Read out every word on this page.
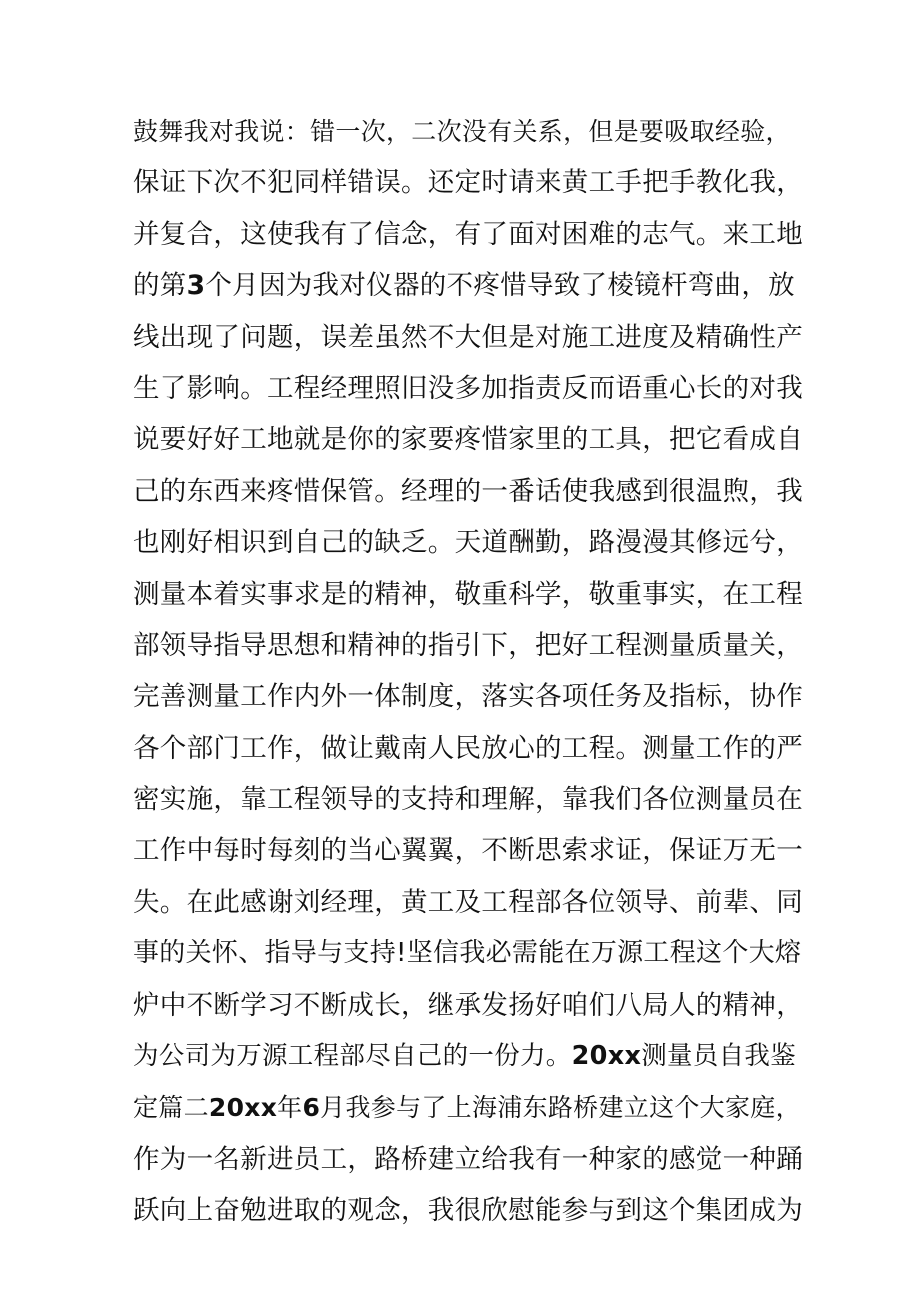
鼓舞我对我说：错一次，二次没有关系，但是要吸取经验，
保证下次不犯同样错误。还定时请来黄工手把手教化我，
并复合，这使我有了信念，有了面对困难的志气。来工地
的第3个月因为我对仪器的不疼惜导致了棱镜杆弯曲，放
线出现了问题，误差虽然不大但是对施工进度及精确性产
生了影响。工程经理照旧没多加指责反而语重心长的对我
说要好好工地就是你的家要疼惜家里的工具，把它看成自
己的东西来疼惜保管。经理的一番话使我感到很温煦，我
也刚好相识到自己的缺乏。天道酬勤，路漫漫其修远兮，
测量本着实事求是的精神，敬重科学，敬重事实，在工程
部领导指导思想和精神的指引下，把好工程测量质量关，
完善测量工作内外一体制度，落实各项任务及指标，协作
各个部门工作，做让戴南人民放心的工程。测量工作的严
密实施，靠工程领导的支持和理解，靠我们各位测量员在
工作中每时每刻的当心翼翼，不断思索求证，保证万无一
失。在此感谢刘经理，黄工及工程部各位领导、前辈、同
事的关怀、指导与支持!坚信我必需能在万源工程这个大熔
炉中不断学习不断成长，继承发扬好咱们八局人的精神，
为公司为万源工程部尽自己的一份力。20xx测量员自我鉴
定篇二20xx年6月我参与了上海浦东路桥建立这个大家庭，
作为一名新进员工，路桥建立给我有一种家的感觉一种踊
跃向上奋勉进取的观念，我很欣慰能参与到这个集团成为
